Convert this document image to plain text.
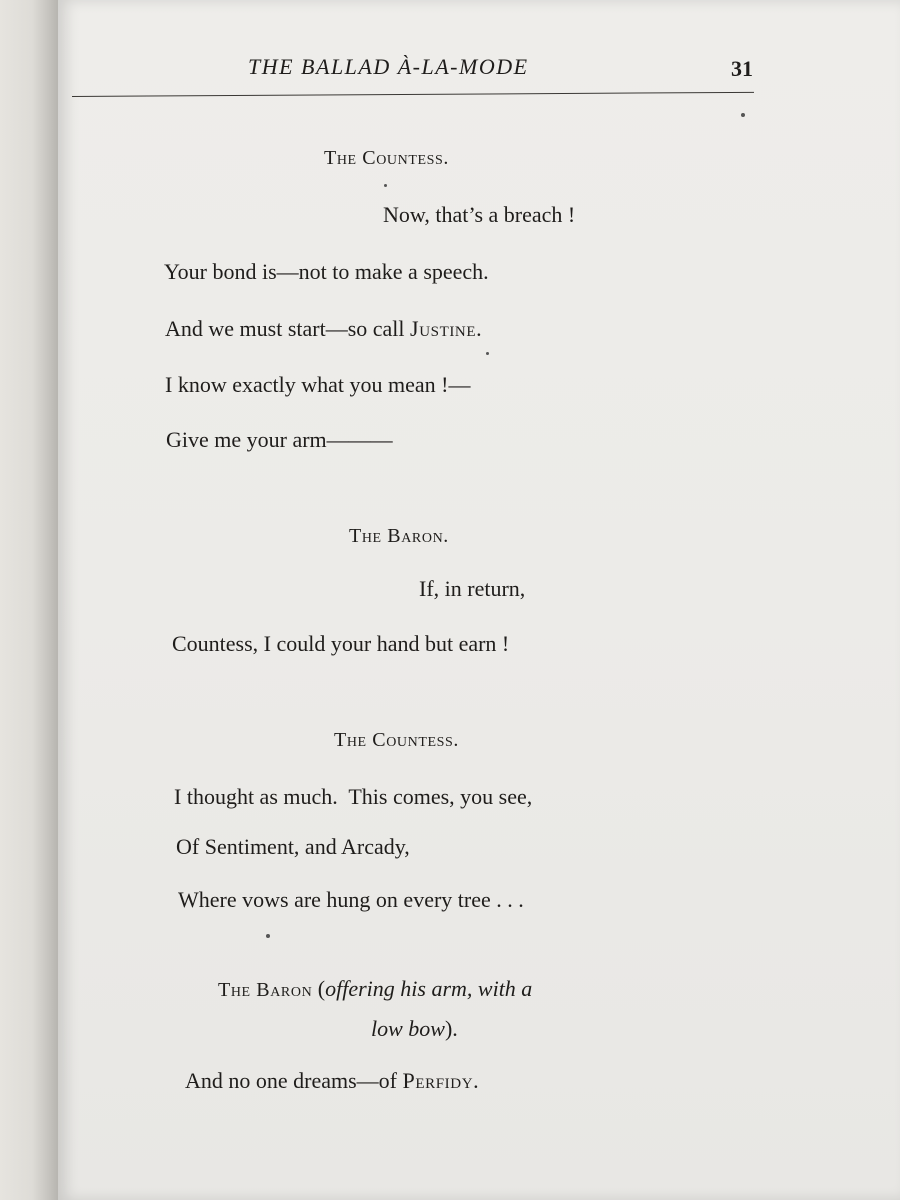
THE BALLAD À-LA-MODE	31
The Countess.
Now, that’s a breach !
Your bond is—not to make a speech.
And we must start—so call Justine.
I know exactly what you mean !—
Give me your arm———
The Baron.
If, in return,
Countess, I could your hand but earn !
The Countess.
I thought as much.  This comes, you see,
Of Sentiment, and Arcady,
Where vows are hung on every tree . . .
The Baron (offering his arm, with a
low bow).
And no one dreams—of Perfidy.
